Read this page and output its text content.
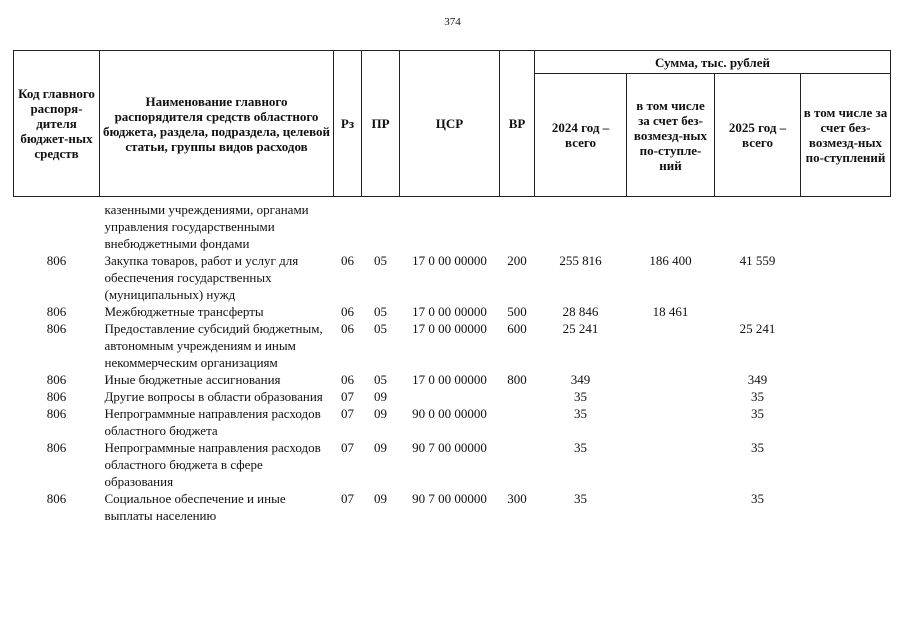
374
Код главного распоря-дителя бюджет-ных средств	Наименование главного распорядителя средств областного бюджета, раздела, подраздела, целевой статьи, группы видов расходов	Рз	ПР	ЦСР	ВР	Сумма, тыс. рублей			
						2024 год – всего	в том числе за счет без-возмезд-ных по-ступле-ний	2025 год – всего	в том числе за счет без-возмезд-ных по-ступлений
	казенными учреждениями, органами управления государственными внебюджетными фондами								
806	Закупка товаров, работ и услуг для обеспечения государственных (муниципальных) нужд	06	05	17 0 00 00000	200	255 816	186 400	41 559	
806	Межбюджетные трансферты	06	05	17 0 00 00000	500	28 846	18 461		
806	Предоставление субсидий бюджетным, автономным учреждениям и иным некоммерческим организациям	06	05	17 0 00 00000	600	25 241		25 241	
806	Иные бюджетные ассигнования	06	05	17 0 00 00000	800	349		349	
806	Другие вопросы в области образования	07	09			35		35	
806	Непрограммные направления расходов областного бюджета	07	09	90 0 00 00000		35		35	
806	Непрограммные направления расходов областного бюджета в сфере образования	07	09	90 7 00 00000		35		35	
806	Социальное обеспечение и иные выплаты населению	07	09	90 7 00 00000	300	35		35	
